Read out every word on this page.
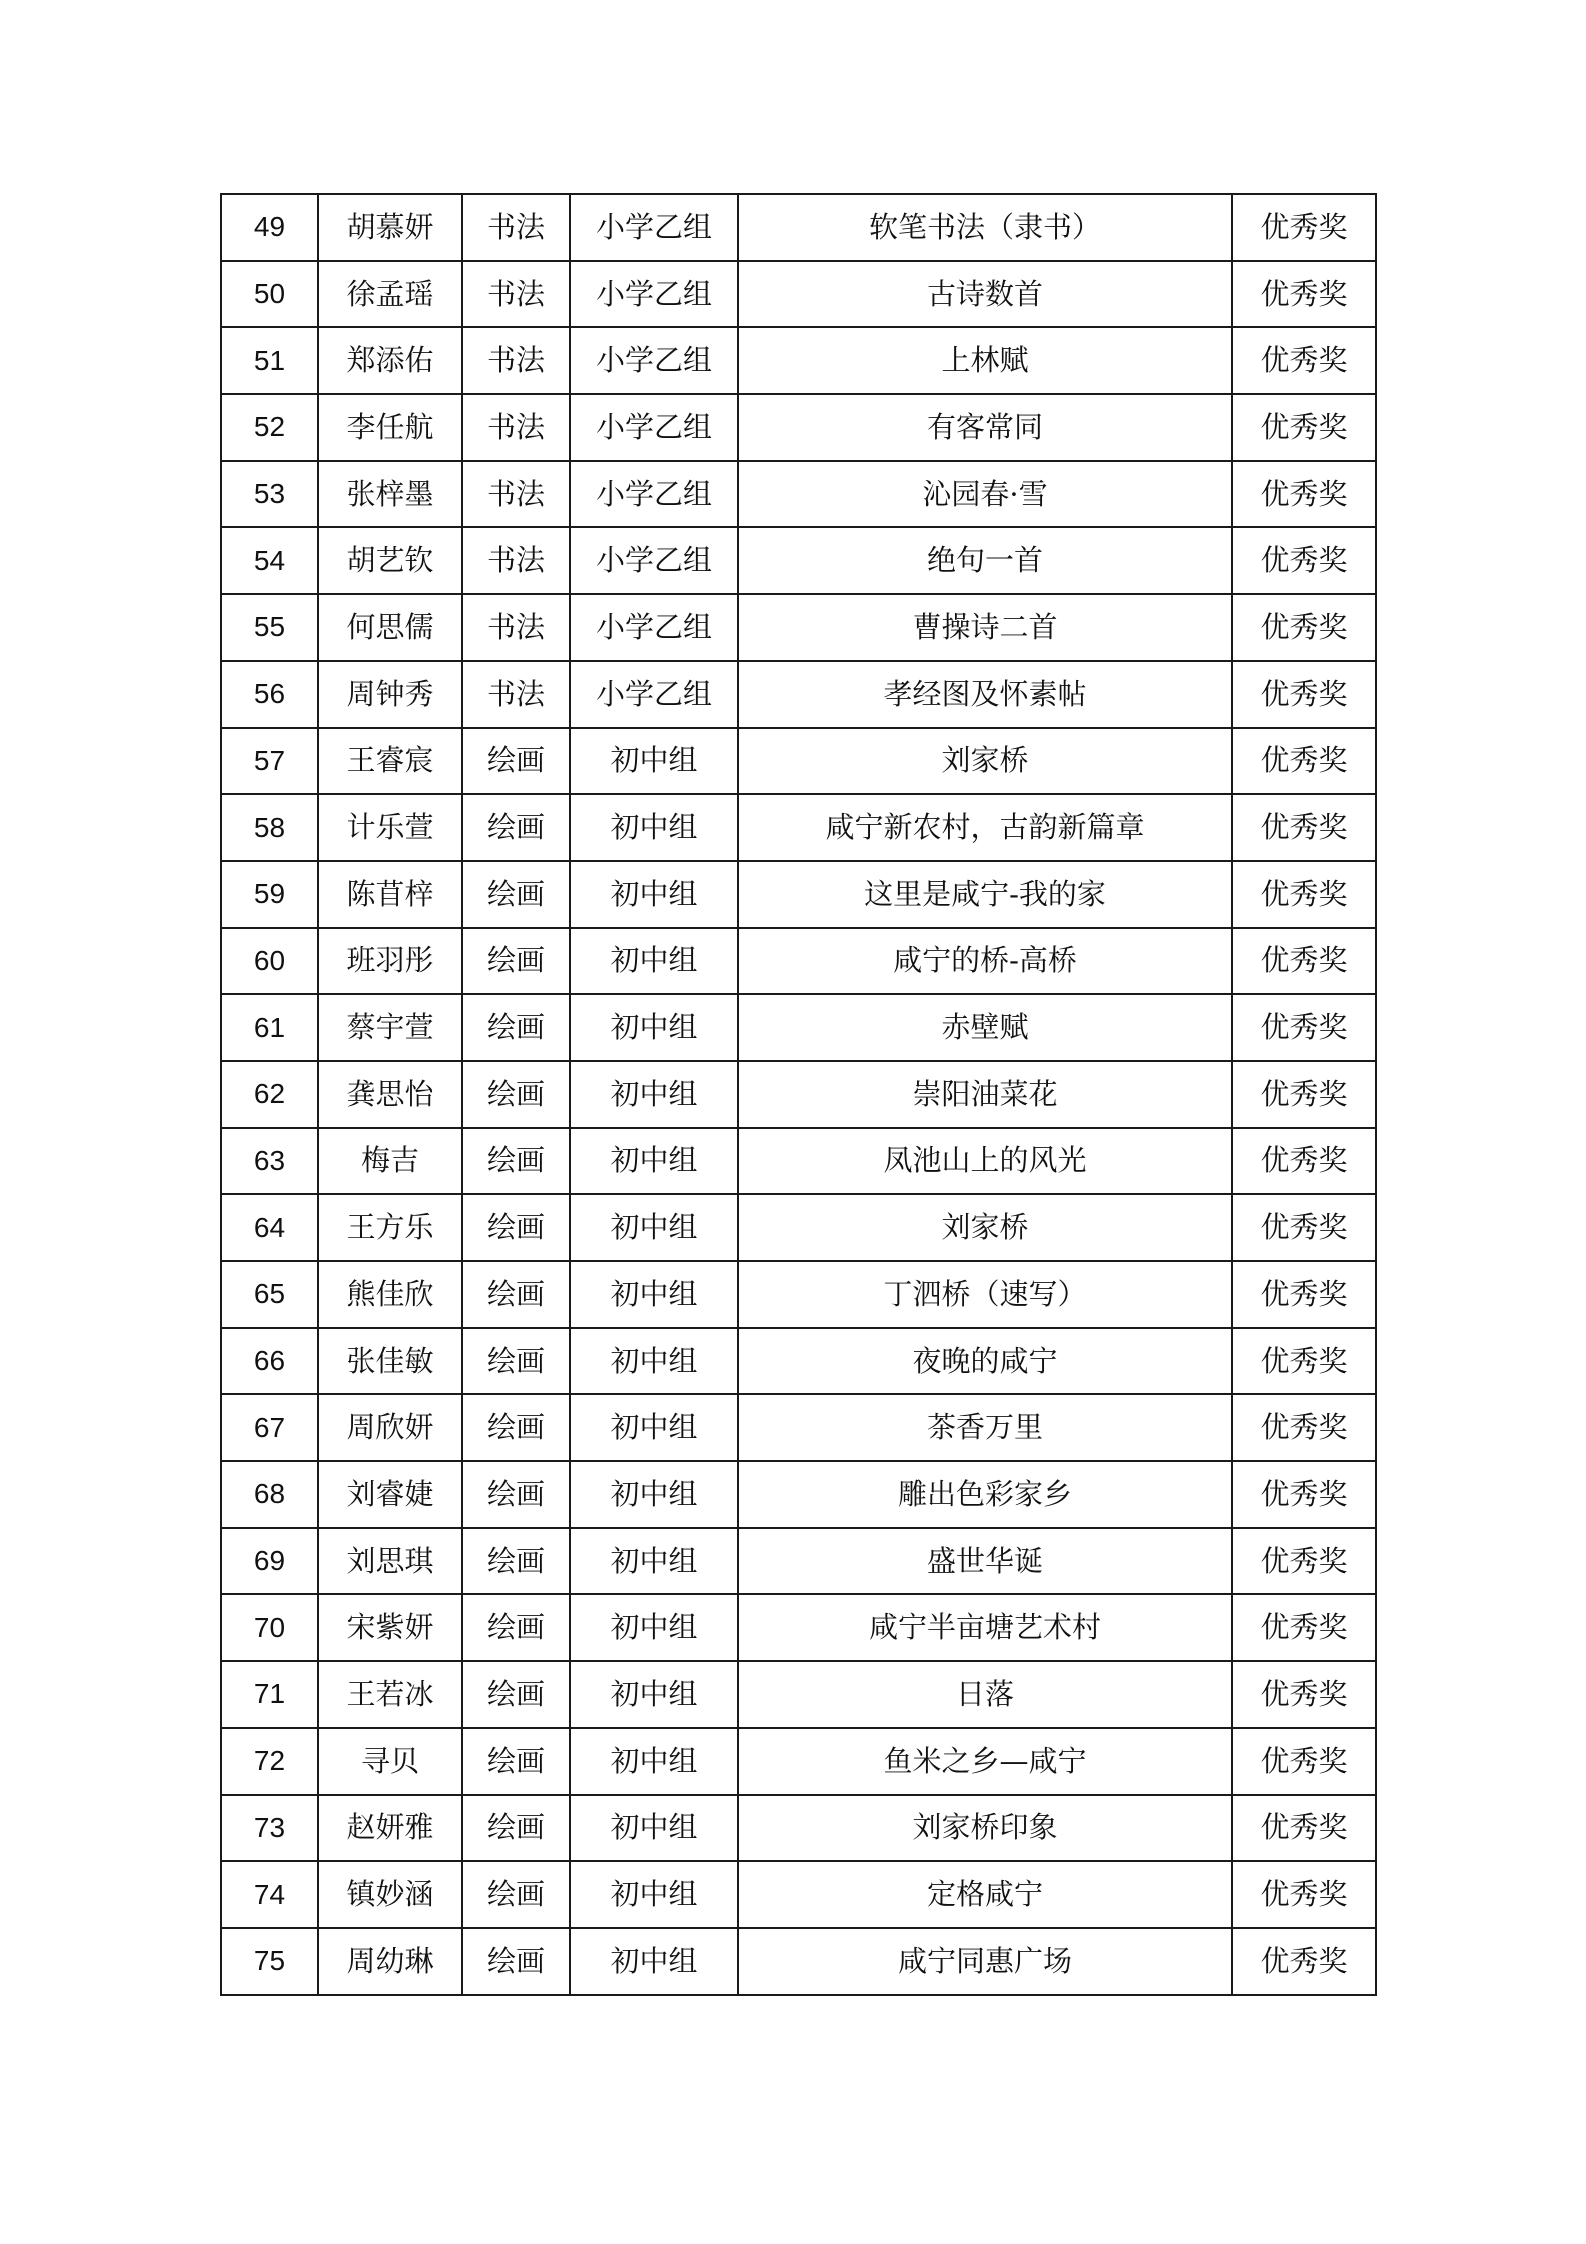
49	胡慕妍	书法	小学乙组	软笔书法（隶书）	优秀奖
50	徐孟瑶	书法	小学乙组	古诗数首	优秀奖
51	郑添佑	书法	小学乙组	上林赋	优秀奖
52	李任航	书法	小学乙组	有客常同	优秀奖
53	张梓墨	书法	小学乙组	沁园春·雪	优秀奖
54	胡艺钦	书法	小学乙组	绝句一首	优秀奖
55	何思儒	书法	小学乙组	曹操诗二首	优秀奖
56	周钟秀	书法	小学乙组	孝经图及怀素帖	优秀奖
57	王睿宸	绘画	初中组	刘家桥	优秀奖
58	计乐萱	绘画	初中组	咸宁新农村，古韵新篇章	优秀奖
59	陈苜梓	绘画	初中组	这里是咸宁-我的家	优秀奖
60	班羽彤	绘画	初中组	咸宁的桥-高桥	优秀奖
61	蔡宇萱	绘画	初中组	赤壁赋	优秀奖
62	龚思怡	绘画	初中组	崇阳油菜花	优秀奖
63	梅吉	绘画	初中组	凤池山上的风光	优秀奖
64	王方乐	绘画	初中组	刘家桥	优秀奖
65	熊佳欣	绘画	初中组	丁泗桥（速写）	优秀奖
66	张佳敏	绘画	初中组	夜晚的咸宁	优秀奖
67	周欣妍	绘画	初中组	茶香万里	优秀奖
68	刘睿婕	绘画	初中组	雕出色彩家乡	优秀奖
69	刘思琪	绘画	初中组	盛世华诞	优秀奖
70	宋紫妍	绘画	初中组	咸宁半亩塘艺术村	优秀奖
71	王若冰	绘画	初中组	日落	优秀奖
72	寻贝	绘画	初中组	鱼米之乡—咸宁	优秀奖
73	赵妍雅	绘画	初中组	刘家桥印象	优秀奖
74	镇妙涵	绘画	初中组	定格咸宁	优秀奖
75	周幼琳	绘画	初中组	咸宁同惠广场	优秀奖
